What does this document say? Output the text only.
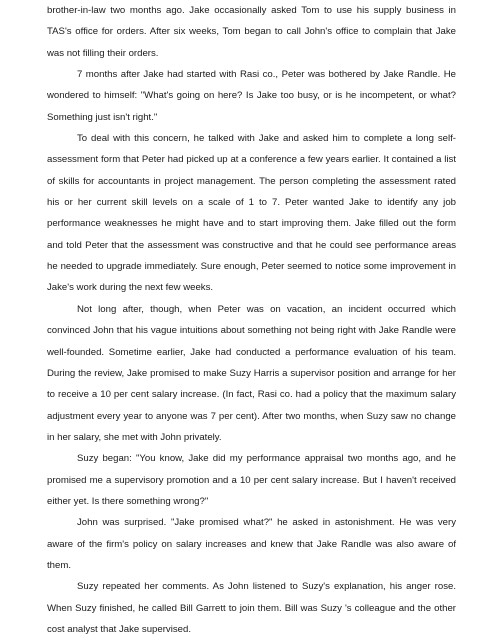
brother-in-law two months ago. Jake occasionally asked Tom to use his supply business in TAS's office for orders. After six weeks, Tom began to call John's office to complain that Jake was not filling their orders.

7 months after Jake had started with Rasi co., Peter was bothered by Jake Randle. He wondered to himself: "What's going on here? Is Jake too busy, or is he incompetent, or what? Something just isn't right."

To deal with this concern, he talked with Jake and asked him to complete a long self-assessment form that Peter had picked up at a conference a few years earlier. It contained a list of skills for accountants in project management. The person completing the assessment rated his or her current skill levels on a scale of 1 to 7. Peter wanted Jake to identify any job performance weaknesses he might have and to start improving them. Jake filled out the form and told Peter that the assessment was constructive and that he could see performance areas he needed to upgrade immediately. Sure enough, Peter seemed to notice some improvement in Jake's work during the next few weeks.

Not long after, though, when Peter was on vacation, an incident occurred which convinced John that his vague intuitions about something not being right with Jake Randle were well-founded. Sometime earlier, Jake had conducted a performance evaluation of his team. During the review, Jake promised to make Suzy Harris a supervisor position and arrange for her to receive a 10 per cent salary increase. (In fact, Rasi co. had a policy that the maximum salary adjustment every year to anyone was 7 per cent). After two months, when Suzy saw no change in her salary, she met with John privately.

Suzy began: "You know, Jake did my performance appraisal two months ago, and he promised me a supervisory promotion and a 10 per cent salary increase. But I haven't received either yet. Is there something wrong?"

John was surprised. "Jake promised what?" he asked in astonishment. He was very aware of the firm's policy on salary increases and knew that Jake Randle was also aware of them.

Suzy repeated her comments. As John listened to Suzy's explanation, his anger rose. When Suzy finished, he called Bill Garrett to join them. Bill was Suzy 's colleague and the other cost analyst that Jake supervised.
